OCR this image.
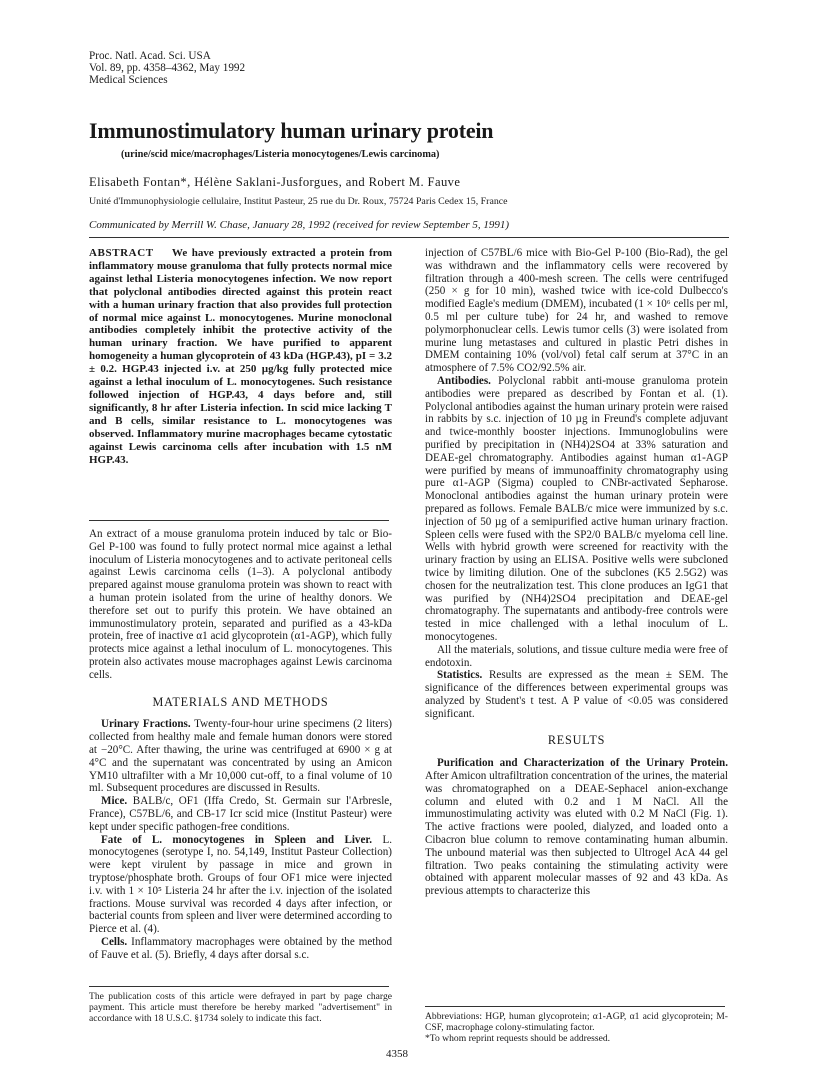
Proc. Natl. Acad. Sci. USA
Vol. 89, pp. 4358–4362, May 1992
Medical Sciences
Immunostimulatory human urinary protein
(urine/scid mice/macrophages/Listeria monocytogenes/Lewis carcinoma)
Elisabeth Fontan*, Hélène Saklani-Jusforgues, and Robert M. Fauve
Unité d'Immunophysiologie cellulaire, Institut Pasteur, 25 rue du Dr. Roux, 75724 Paris Cedex 15, France
Communicated by Merrill W. Chase, January 28, 1992 (received for review September 5, 1991)
ABSTRACT We have previously extracted a protein from inflammatory mouse granuloma that fully protects normal mice against lethal Listeria monocytogenes infection. We now report that polyclonal antibodies directed against this protein react with a human urinary fraction that also provides full protection of normal mice against L. monocytogenes. Murine monoclonal antibodies completely inhibit the protective activity of the human urinary fraction. We have purified to apparent homogeneity a human glycoprotein of 43 kDa (HGP.43), pI = 3.2 ± 0.2. HGP.43 injected i.v. at 250 µg/kg fully protected mice against a lethal inoculum of L. monocytogenes. Such resistance followed injection of HGP.43, 4 days before and, still significantly, 8 hr after Listeria infection. In scid mice lacking T and B cells, similar resistance to L. monocytogenes was observed. Inflammatory murine macrophages became cytostatic against Lewis carcinoma cells after incubation with 1.5 nM HGP.43.

An extract of a mouse granuloma protein induced by talc or Bio-Gel P-100 was found to fully protect normal mice against a lethal inoculum of Listeria monocytogenes and to activate peritoneal cells against Lewis carcinoma cells (1–3). A polyclonal antibody prepared against mouse granuloma protein was shown to react with a human protein isolated from the urine of healthy donors. We therefore set out to purify this protein. We have obtained an immunostimulatory protein, separated and purified as a 43-kDa protein, free of inactive α1 acid glycoprotein (α1-AGP), which fully protects mice against a lethal inoculum of L. monocytogenes. This protein also activates mouse macrophages against Lewis carcinoma cells.

MATERIALS AND METHODS

Urinary Fractions. Twenty-four-hour urine specimens (2 liters) collected from healthy male and female human donors were stored at −20°C. After thawing, the urine was centrifuged at 6900 × g at 4°C and the supernatant was concentrated by using an Amicon YM10 ultrafilter with a Mr 10,000 cut-off, to a final volume of 10 ml. Subsequent procedures are discussed in Results.

Mice. BALB/c, OF1 (Iffa Credo, St. Germain sur l'Arbresle, France), C57BL/6, and CB-17 Icr scid mice (Institut Pasteur) were kept under specific pathogen-free conditions.

Fate of L. monocytogenes in Spleen and Liver. L. monocytogenes (serotype I, no. 54,149, Institut Pasteur Collection) were kept virulent by passage in mice and grown in tryptose/phosphate broth. Groups of four OF1 mice were injected i.v. with 1 × 10⁵ Listeria 24 hr after the i.v. injection of the isolated fractions. Mouse survival was recorded 4 days after infection, or bacterial counts from spleen and liver were determined according to Pierce et al. (4).

Cells. Inflammatory macrophages were obtained by the method of Fauve et al. (5). Briefly, 4 days after dorsal s.c.

The publication costs of this article were defrayed in part by page charge payment. This article must therefore be hereby marked "advertisement" in accordance with 18 U.S.C. §1734 solely to indicate this fact.

injection of C57BL/6 mice with Bio-Gel P-100 (Bio-Rad), the gel was withdrawn and the inflammatory cells were recovered by filtration through a 400-mesh screen. The cells were centrifuged (250 × g for 10 min), washed twice with ice-cold Dulbecco's modified Eagle's medium (DMEM), incubated (1 × 10⁶ cells per ml, 0.5 ml per culture tube) for 24 hr, and washed to remove polymorphonuclear cells. Lewis tumor cells (3) were isolated from murine lung metastases and cultured in plastic Petri dishes in DMEM containing 10% (vol/vol) fetal calf serum at 37°C in an atmosphere of 7.5% CO2/92.5% air.

Antibodies. Polyclonal rabbit anti-mouse granuloma protein antibodies were prepared as described by Fontan et al. (1). Polyclonal antibodies against the human urinary protein were raised in rabbits by s.c. injection of 10 µg in Freund's complete adjuvant and twice-monthly booster injections. Immunoglobulins were purified by precipitation in (NH4)2SO4 at 33% saturation and DEAE-gel chromatography. Antibodies against human α1-AGP were purified by means of immunoaffinity chromatography using pure α1-AGP (Sigma) coupled to CNBr-activated Sepharose. Monoclonal antibodies against the human urinary protein were prepared as follows. Female BALB/c mice were immunized by s.c. injection of 50 µg of a semipurified active human urinary fraction. Spleen cells were fused with the SP2/0 BALB/c myeloma cell line. Wells with hybrid growth were screened for reactivity with the urinary fraction by using an ELISA. Positive wells were subcloned twice by limiting dilution. One of the subclones (K5 2.5G2) was chosen for the neutralization test. This clone produces an IgG1 that was purified by (NH4)2SO4 precipitation and DEAE-gel chromatography. The supernatants and antibody-free controls were tested in mice challenged with a lethal inoculum of L. monocytogenes.

All the materials, solutions, and tissue culture media were free of endotoxin.

Statistics. Results are expressed as the mean ± SEM. The significance of the differences between experimental groups was analyzed by Student's t test. A P value of <0.05 was considered significant.

RESULTS

Purification and Characterization of the Urinary Protein. After Amicon ultrafiltration concentration of the urines, the material was chromatographed on a DEAE-Sephacel anion-exchange column and eluted with 0.2 and 1 M NaCl. All the immunostimulating activity was eluted with 0.2 M NaCl (Fig. 1). The active fractions were pooled, dialyzed, and loaded onto a Cibacron blue column to remove contaminating human albumin. The unbound material was then subjected to Ultrogel AcA 44 gel filtration. Two peaks containing the stimulating activity were obtained with apparent molecular masses of 92 and 43 kDa. As previous attempts to characterize this

Abbreviations: HGP, human glycoprotein; α1-AGP, α1 acid glycoprotein; M-CSF, macrophage colony-stimulating factor.
*To whom reprint requests should be addressed.
4358
